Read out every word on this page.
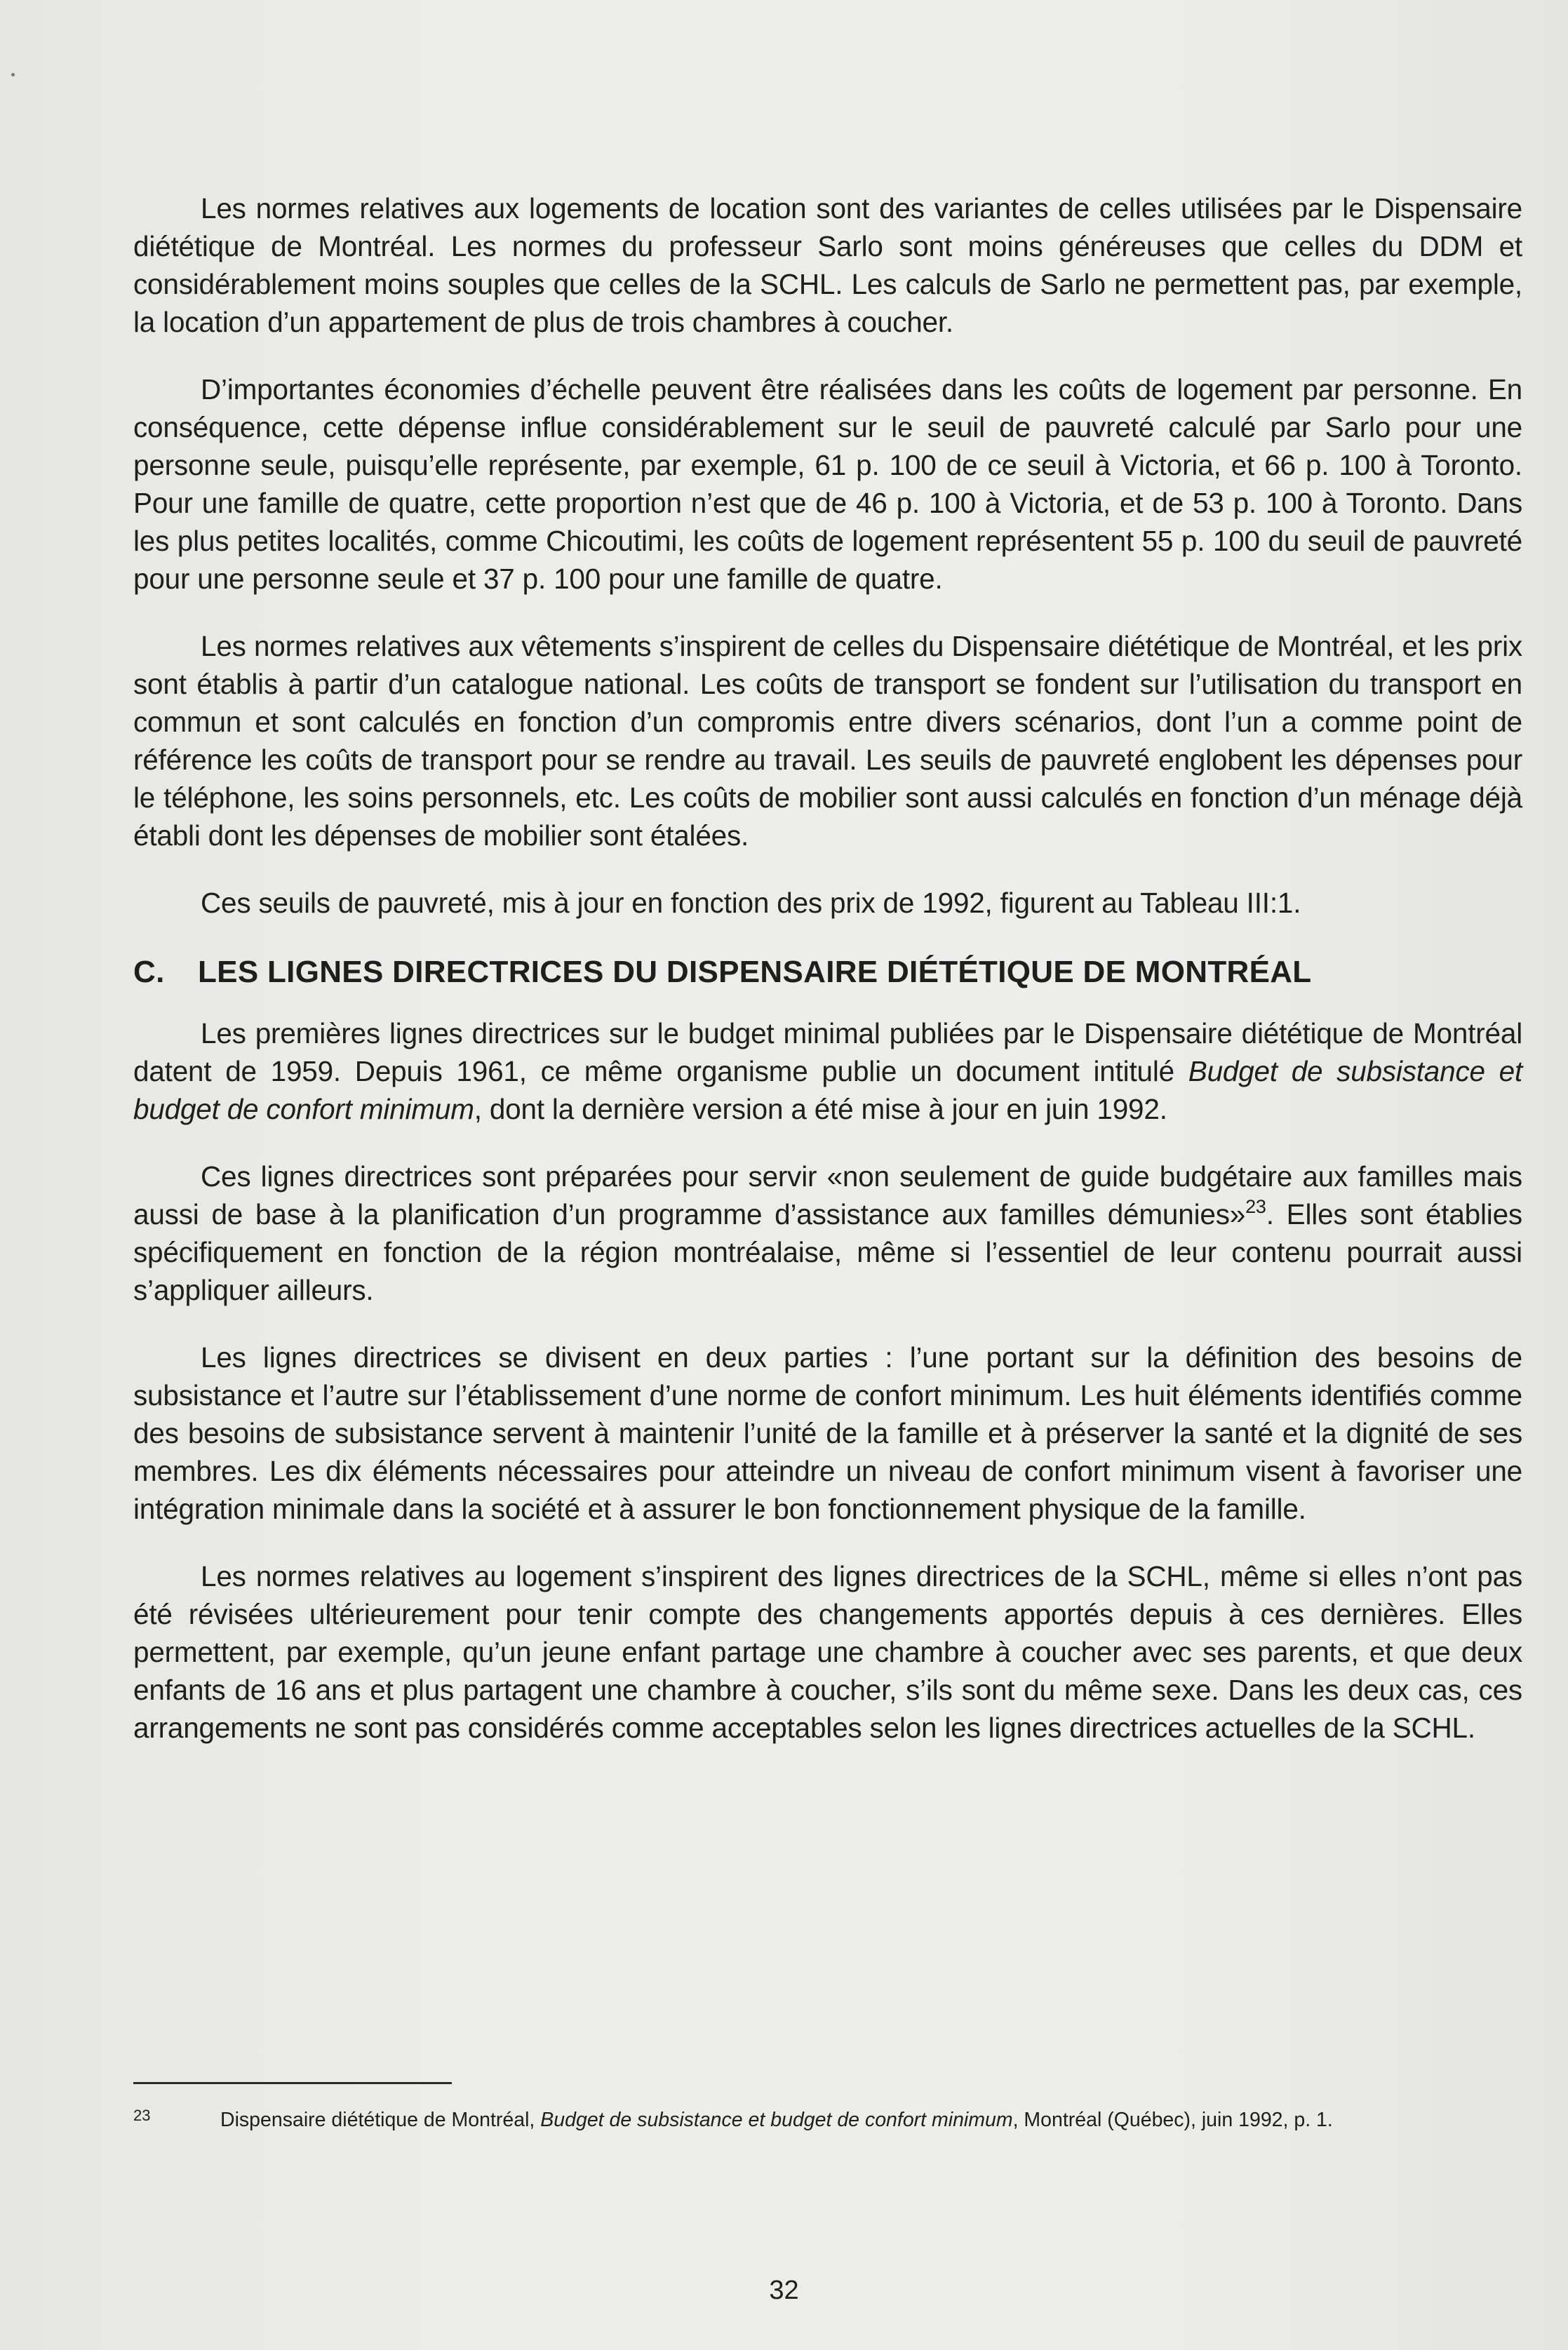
Les normes relatives aux logements de location sont des variantes de celles utilisées par le Dispensaire diététique de Montréal. Les normes du professeur Sarlo sont moins généreuses que celles du DDM et considérablement moins souples que celles de la SCHL. Les calculs de Sarlo ne permettent pas, par exemple, la location d’un appartement de plus de trois chambres à coucher.

D’importantes économies d’échelle peuvent être réalisées dans les coûts de logement par personne. En conséquence, cette dépense influe considérablement sur le seuil de pauvreté calculé par Sarlo pour une personne seule, puisqu’elle représente, par exemple, 61 p. 100 de ce seuil à Victoria, et 66 p. 100 à Toronto. Pour une famille de quatre, cette proportion n’est que de 46 p. 100 à Victoria, et de 53 p. 100 à Toronto. Dans les plus petites localités, comme Chicoutimi, les coûts de logement représentent 55 p. 100 du seuil de pauvreté pour une personne seule et 37 p. 100 pour une famille de quatre.

Les normes relatives aux vêtements s’inspirent de celles du Dispensaire diététique de Montréal, et les prix sont établis à partir d’un catalogue national. Les coûts de transport se fondent sur l’utilisation du transport en commun et sont calculés en fonction d’un compromis entre divers scénarios, dont l’un a comme point de référence les coûts de transport pour se rendre au travail. Les seuils de pauvreté englobent les dépenses pour le téléphone, les soins personnels, etc. Les coûts de mobilier sont aussi calculés en fonction d’un ménage déjà établi dont les dépenses de mobilier sont étalées.

Ces seuils de pauvreté, mis à jour en fonction des prix de 1992, figurent au Tableau III:1.

C. LES LIGNES DIRECTRICES DU DISPENSAIRE DIÉTÉTIQUE DE MONTRÉAL

Les premières lignes directrices sur le budget minimal publiées par le Dispensaire diététique de Montréal datent de 1959. Depuis 1961, ce même organisme publie un document intitulé Budget de subsistance et budget de confort minimum, dont la dernière version a été mise à jour en juin 1992.

Ces lignes directrices sont préparées pour servir «non seulement de guide budgétaire aux familles mais aussi de base à la planification d’un programme d’assistance aux familles démunies»$^{23}$. Elles sont établies spécifiquement en fonction de la région montréalaise, même si l’essentiel de leur contenu pourrait aussi s’appliquer ailleurs.

Les lignes directrices se divisent en deux parties : l’une portant sur la définition des besoins de subsistance et l’autre sur l’établissement d’une norme de confort minimum. Les huit éléments identifiés comme des besoins de subsistance servent à maintenir l’unité de la famille et à préserver la santé et la dignité de ses membres. Les dix éléments nécessaires pour atteindre un niveau de confort minimum visent à favoriser une intégration minimale dans la société et à assurer le bon fonctionnement physique de la famille.

Les normes relatives au logement s’inspirent des lignes directrices de la SCHL, même si elles n’ont pas été révisées ultérieurement pour tenir compte des changements apportés depuis à ces dernières. Elles permettent, par exemple, qu’un jeune enfant partage une chambre à coucher avec ses parents, et que deux enfants de 16 ans et plus partagent une chambre à coucher, s’ils sont du même sexe. Dans les deux cas, ces arrangements ne sont pas considérés comme acceptables selon les lignes directrices actuelles de la SCHL.

23	Dispensaire diététique de Montréal, Budget de subsistance et budget de confort minimum, Montréal (Québec), juin 1992, p. 1.
32
